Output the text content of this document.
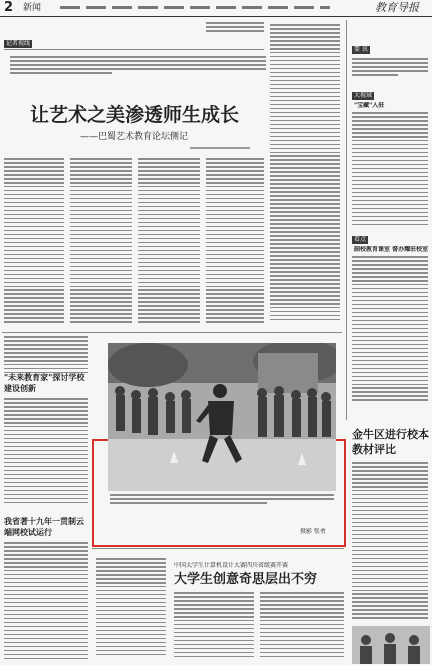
2 新闻	教育导报
记者视线
让艺术之美渗透师生成长
——巴蜀艺术教育论坛侧记
要 讯
大视域
"宝藏"入驻
看点
副校教育课室 督办耀驻校室
金牛区进行校本
教材评比
"未来教育家"探讨学校
建设创新
我省著十九年一贯制云
端网校试运行	摄影 张勇
中国大学生计算机设计大赛四川省级赛开赛
大学生创意奇思层出不穷
